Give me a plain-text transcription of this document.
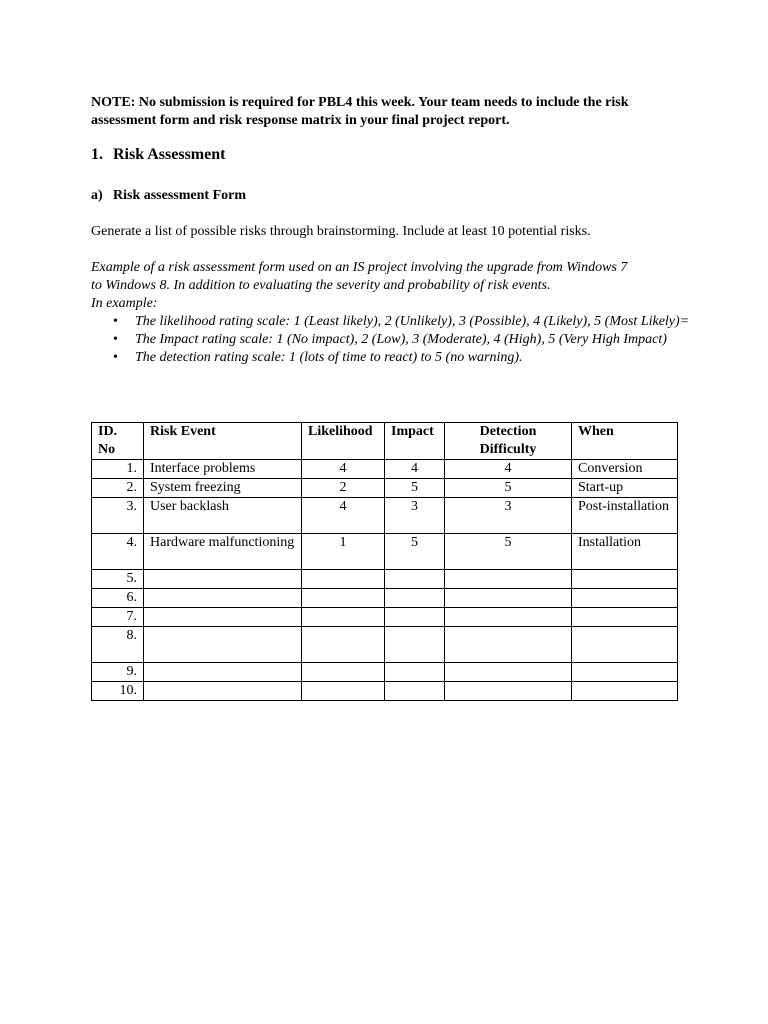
NOTE: No submission is required for PBL4 this week. Your team needs to include the risk assessment form and risk response matrix in your final project report.
1. Risk Assessment
a) Risk assessment Form
Generate a list of possible risks through brainstorming. Include at least 10 potential risks.
Example of a risk assessment form used on an IS project involving the upgrade from Windows 7
to Windows 8. In addition to evaluating the severity and probability of risk events.
In example:
• The likelihood rating scale: 1 (Least likely), 2 (Unlikely), 3 (Possible), 4 (Likely), 5 (Most Likely)=
• The Impact rating scale: 1 (No impact), 2 (Low), 3 (Moderate), 4 (High), 5 (Very High Impact)
• The detection rating scale: 1 (lots of time to react) to 5 (no warning).
ID. No	Risk Event	Likelihood	Impact	Detection Difficulty	When
1.	Interface problems	4	4	4	Conversion
2.	System freezing	2	5	5	Start-up
3.	User backlash	4	3	3	Post-installation
4.	Hardware malfunctioning	1	5	5	Installation
5.					
6.					
7.					
8.					
9.					
10.					
